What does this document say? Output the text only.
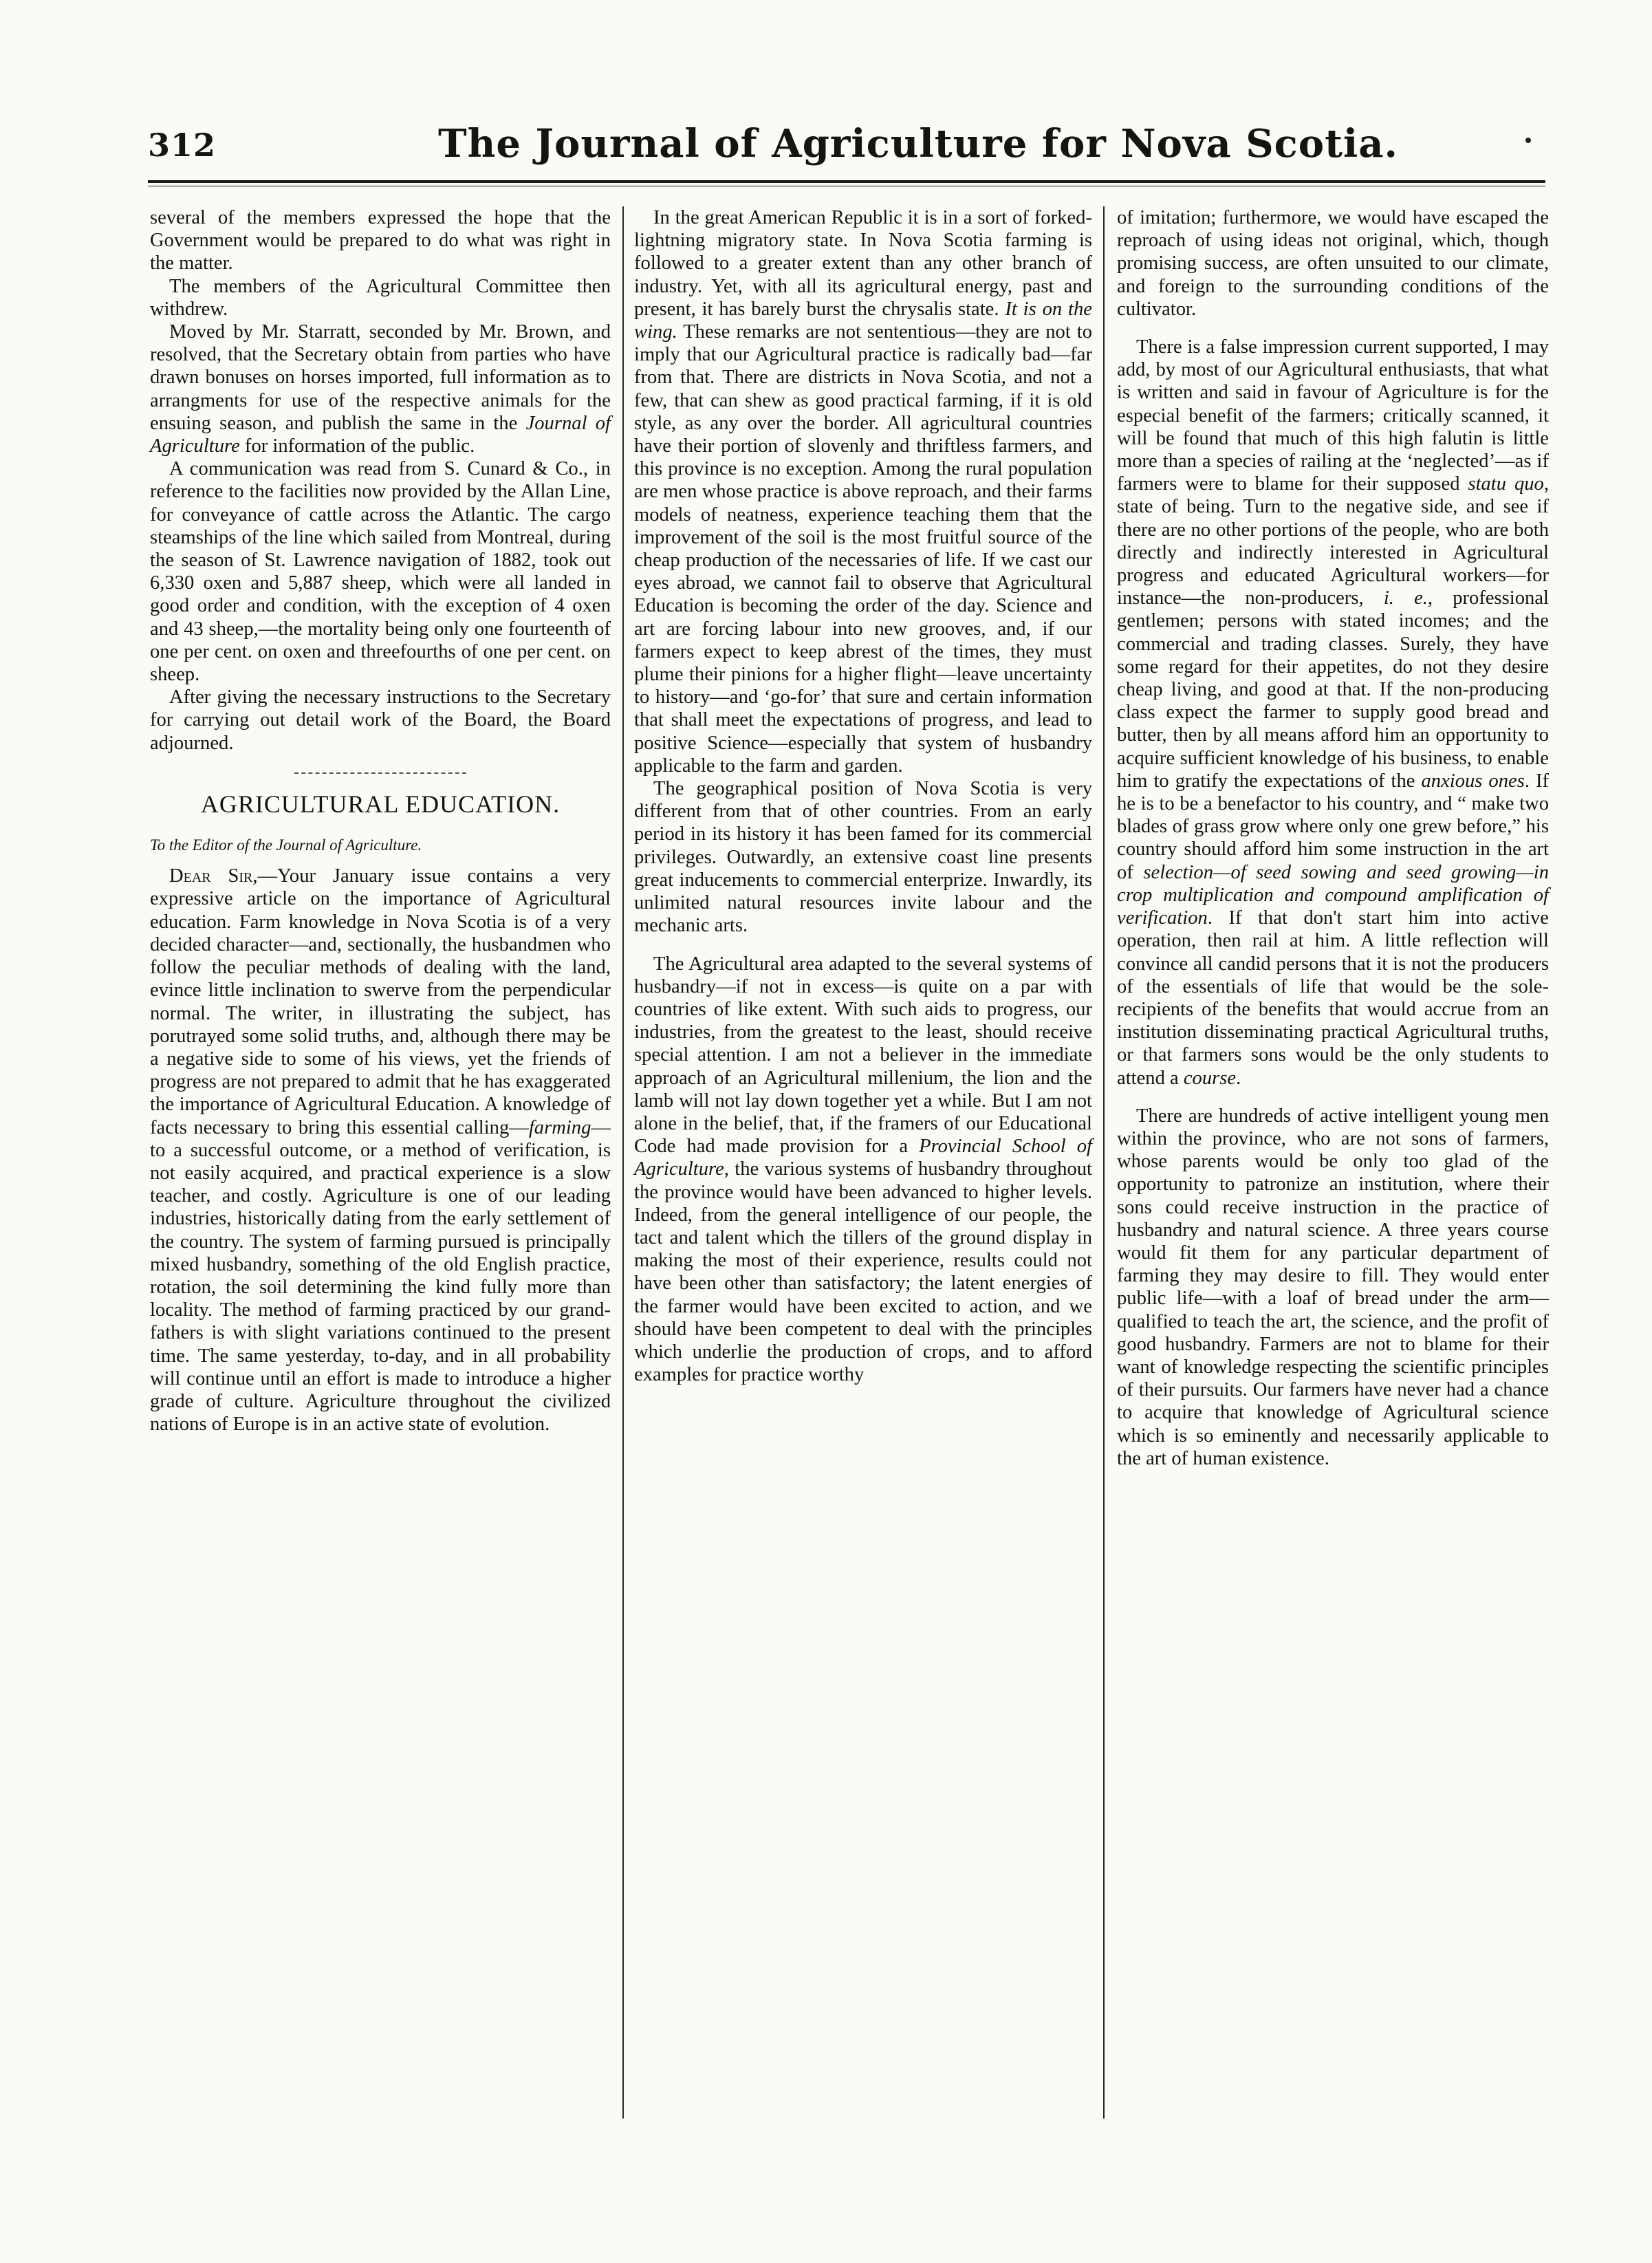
312	The Journal of Agriculture for Nova Scotia.

several of the members expressed the hope that the Government would be prepared to do what was right in the matter.

The members of the Agricultural Committee then withdrew.

Moved by Mr. Starratt, seconded by Mr. Brown, and resolved, that the Secretary obtain from parties who have drawn bonuses on horses imported, full information as to arrangments for use of the respective animals for the ensuing season, and publish the same in the Journal of Agriculture for information of the public.

A communication was read from S. Cunard & Co., in reference to the facilities now provided by the Allan Line, for conveyance of cattle across the Atlantic. The cargo steamships of the line which sailed from Montreal, during the season of St. Lawrence navigation of 1882, took out 6,330 oxen and 5,887 sheep, which were all landed in good order and condition, with the exception of 4 oxen and 43 sheep,—the mortality being only one fourteenth of one per cent. on oxen and threefourths of one per cent. on sheep.

After giving the necessary instructions to the Secretary for carrying out detail work of the Board, the Board adjourned.

AGRICULTURAL EDUCATION.

To the Editor of the Journal of Agriculture.

Dear Sir,—Your January issue contains a very expressive article on the importance of Agricultural education. Farm knowledge in Nova Scotia is of a very decided character—and, sectionally, the husbandmen who follow the peculiar methods of dealing with the land, evince little inclination to swerve from the perpendicular normal. The writer, in illustrating the subject, has porutrayed some solid truths, and, although there may be a negative side to some of his views, yet the friends of progress are not prepared to admit that he has exaggerated the importance of Agricultural Education. A knowledge of facts necessary to bring this essential calling—farming—to a successful outcome, or a method of verification, is not easily acquired, and practical experience is a slow teacher, and costly. Agriculture is one of our leading industries, historically dating from the early settlement of the country. The system of farming pursued is principally mixed husbandry, something of the old English practice, rotation, the soil determining the kind fully more than locality. The method of farming practiced by our grand-fathers is with slight variations continued to the present time. The same yesterday, to-day, and in all probability will continue until an effort is made to introduce a higher grade of culture. Agriculture throughout the civilized nations of Europe is in an active state of evolution.

In the great American Republic it is in a sort of forked-lightning migratory state. In Nova Scotia farming is followed to a greater extent than any other branch of industry. Yet, with all its agricultural energy, past and present, it has barely burst the chrysalis state. It is on the wing. These remarks are not sententious—they are not to imply that our Agricultural practice is radically bad—far from that. There are districts in Nova Scotia, and not a few, that can shew as good practical farming, if it is old style, as any over the border. All agricultural countries have their portion of slovenly and thriftless farmers, and this province is no exception. Among the rural population are men whose practice is above reproach, and their farms models of neatness, experience teaching them that the improvement of the soil is the most fruitful source of the cheap production of the necessaries of life. If we cast our eyes abroad, we cannot fail to observe that Agricultural Education is becoming the order of the day. Science and art are forcing labour into new grooves, and, if our farmers expect to keep abrest of the times, they must plume their pinions for a higher flight—leave uncertainty to history—and ‘go-for’ that sure and certain information that shall meet the expectations of progress, and lead to positive Science—especially that system of husbandry applicable to the farm and garden.

The geographical position of Nova Scotia is very different from that of other countries. From an early period in its history it has been famed for its commercial privileges. Outwardly, an extensive coast line presents great inducements to commercial enterprize. Inwardly, its unlimited natural resources invite labour and the mechanic arts.

The Agricultural area adapted to the several systems of husbandry—if not in excess—is quite on a par with countries of like extent. With such aids to progress, our industries, from the greatest to the least, should receive special attention. I am not a believer in the immediate approach of an Agricultural millenium, the lion and the lamb will not lay down together yet a while. But I am not alone in the belief, that, if the framers of our Educational Code had made provision for a Provincial School of Agriculture, the various systems of husbandry throughout the province would have been advanced to higher levels. Indeed, from the general intelligence of our people, the tact and talent which the tillers of the ground display in making the most of their experience, results could not have been other than satisfactory; the latent energies of the farmer would have been excited to action, and we should have been competent to deal with the principles which underlie the production of crops, and to afford examples for practice worthy

of imitation; furthermore, we would have escaped the reproach of using ideas not original, which, though promising success, are often unsuited to our climate, and foreign to the surrounding conditions of the cultivator.

There is a false impression current supported, I may add, by most of our Agricultural enthusiasts, that what is written and said in favour of Agriculture is for the especial benefit of the farmers; critically scanned, it will be found that much of this high falutin is little more than a species of railing at the ‘neglected’—as if farmers were to blame for their supposed statu quo, state of being. Turn to the negative side, and see if there are no other portions of the people, who are both directly and indirectly interested in Agricultural progress and educated Agricultural workers—for instance—the non-producers, i. e., professional gentlemen; persons with stated incomes; and the commercial and trading classes. Surely, they have some regard for their appetites, do not they desire cheap living, and good at that. If the non-producing class expect the farmer to supply good bread and butter, then by all means afford him an opportunity to acquire sufficient knowledge of his business, to enable him to gratify the expectations of the anxious ones. If he is to be a benefactor to his country, and “ make two blades of grass grow where only one grew before,” his country should afford him some instruction in the art of selection—of seed sowing and seed growing—in crop multiplication and compound amplification of verification. If that don't start him into active operation, then rail at him. A little reflection will convince all candid persons that it is not the producers of the essentials of life that would be the sole-recipients of the benefits that would accrue from an institution disseminating practical Agricultural truths, or that farmers sons would be the only students to attend a course.

There are hundreds of active intelligent young men within the province, who are not sons of farmers, whose parents would be only too glad of the opportunity to patronize an institution, where their sons could receive instruction in the practice of husbandry and natural science. A three years course would fit them for any particular department of farming they may desire to fill. They would enter public life—with a loaf of bread under the arm—qualified to teach the art, the science, and the profit of good husbandry. Farmers are not to blame for their want of knowledge respecting the scientific principles of their pursuits. Our farmers have never had a chance to acquire that knowledge of Agricultural science which is so eminently and necessarily applicable to the art of human existence.
